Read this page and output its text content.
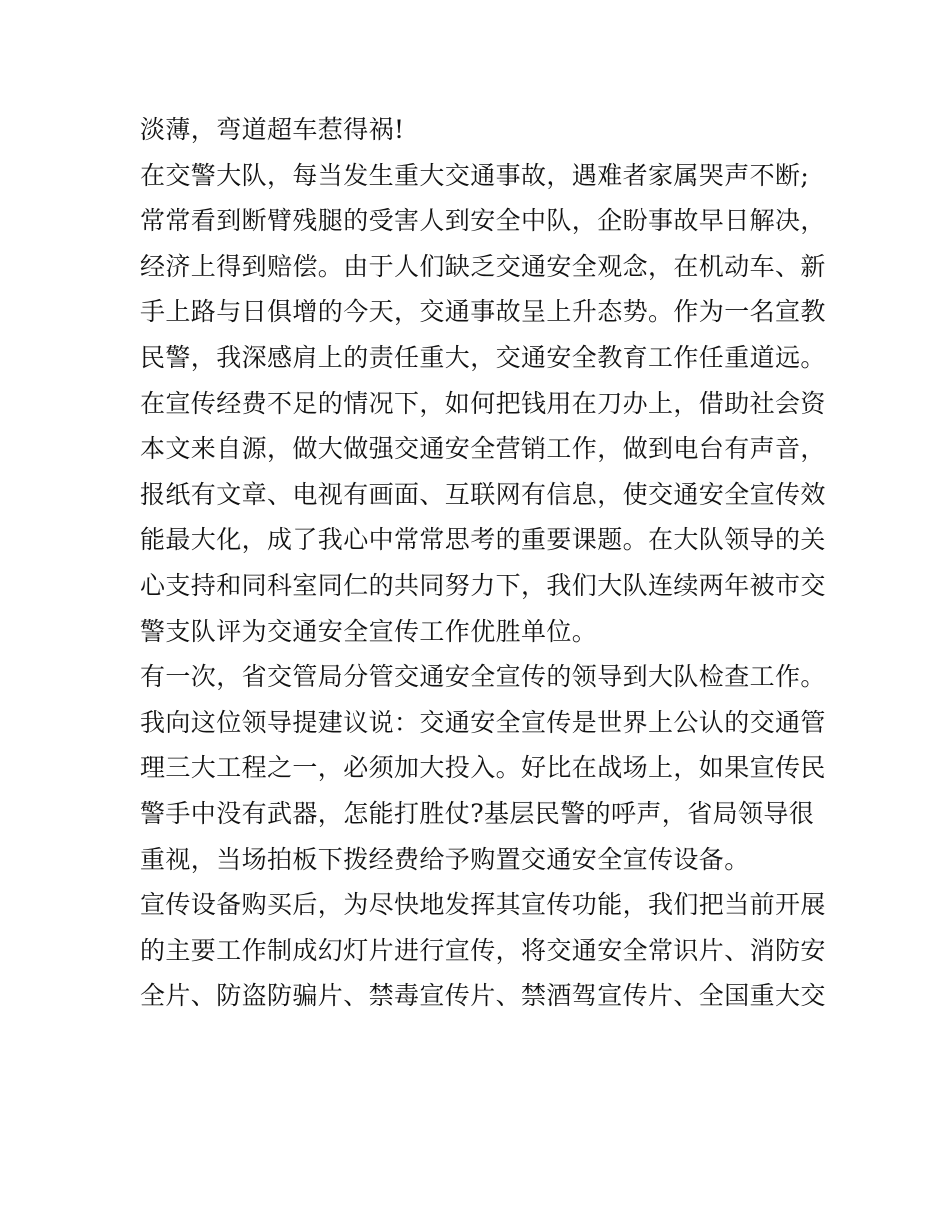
淡薄，弯道超车惹得祸!
在交警大队，每当发生重大交通事故，遇难者家属哭声不断;
常常看到断臂残腿的受害人到安全中队，企盼事故早日解决，
经济上得到赔偿。由于人们缺乏交通安全观念，在机动车、新
手上路与日俱增的今天，交通事故呈上升态势。作为一名宣教
民警，我深感肩上的责任重大，交通安全教育工作任重道远。
在宣传经费不足的情况下，如何把钱用在刀办上，借助社会资
本文来自源，做大做强交通安全营销工作，做到电台有声音，
报纸有文章、电视有画面、互联网有信息，使交通安全宣传效
能最大化，成了我心中常常思考的重要课题。在大队领导的关
心支持和同科室同仁的共同努力下，我们大队连续两年被市交
警支队评为交通安全宣传工作优胜单位。
有一次，省交管局分管交通安全宣传的领导到大队检查工作。
我向这位领导提建议说：交通安全宣传是世界上公认的交通管
理三大工程之一，必须加大投入。好比在战场上，如果宣传民
警手中没有武器，怎能打胜仗?基层民警的呼声，省局领导很
重视，当场拍板下拨经费给予购置交通安全宣传设备。
宣传设备购买后，为尽快地发挥其宣传功能，我们把当前开展
的主要工作制成幻灯片进行宣传，将交通安全常识片、消防安
全片、防盗防骗片、禁毒宣传片、禁酒驾宣传片、全国重大交
